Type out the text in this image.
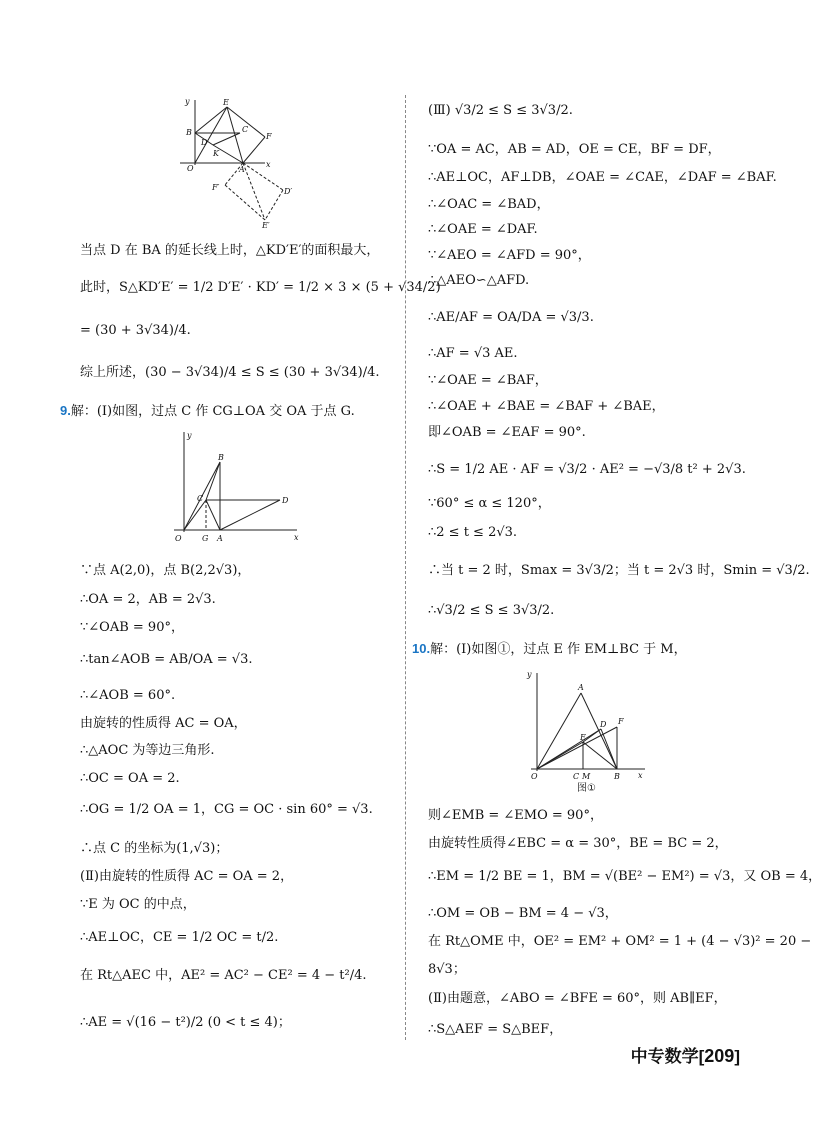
y	E
B	C
F
D
K
O	A
x
F′	D′
E′
当点 D 在 BA 的延长线上时，△KD′E′的面积最大，
此时，S△KD′E′ = 1/2 D′E′ · KD′ = 1/2 × 3 × (5 + √34/2)
= (30 + 3√34)/4.
综上所述，(30 − 3√34)/4 ≤ S ≤ (30 + 3√34)/4.
9.解：(Ⅰ)如图，过点 C 作 CG⊥OA 交 OA 于点 G.
y
B
C	D
O	G A	x
∵点 A(2,0)，点 B(2,2√3)，
∴OA = 2，AB = 2√3.
∵∠OAB = 90°，
∴tan∠AOB = AB/OA = √3.
∴∠AOB = 60°.
由旋转的性质得 AC = OA，
∴△AOC 为等边三角形.
∴OC = OA = 2.
∴OG = 1/2 OA = 1，CG = OC · sin 60° = √3.
∴点 C 的坐标为(1,√3)；
(Ⅱ)由旋转的性质得 AC = OA = 2，
∵E 为 OC 的中点，
∴AE⊥OC，CE = 1/2 OC = t/2.
在 Rt△AEC 中，AE² = AC² − CE² = 4 − t²/4.
∴AE = √(16 − t²)/2 (0 < t ≤ 4)；
(Ⅲ) √3/2 ≤ S ≤ 3√3/2.
∵OA = AC，AB = AD，OE = CE，BF = DF，
∴AE⊥OC，AF⊥DB，∠OAE = ∠CAE，∠DAF = ∠BAF.
∴∠OAC = ∠BAD，
∴∠OAE = ∠DAF.
∵∠AEO = ∠AFD = 90°，
∴△AEO∽△AFD.
∴AE/AF = OA/DA = √3/3.
∴AF = √3 AE.
∵∠OAE = ∠BAF，
∴∠OAE + ∠BAE = ∠BAF + ∠BAE，
即∠OAB = ∠EAF = 90°.
∴S = 1/2 AE · AF = √3/2 · AE² = −√3/8 t² + 2√3.
∵60° ≤ α ≤ 120°，
∴2 ≤ t ≤ 2√3.
∴当 t = 2 时，Smax = 3√3/2；当 t = 2√3 时，Smin = √3/2.
∴√3/2 ≤ S ≤ 3√3/2.
10.解：(Ⅰ)如图①，过点 E 作 EM⊥BC 于 M，
y
A
F
D
E
O	C M	B x
图①
则∠EMB = ∠EMO = 90°，
由旋转性质得∠EBC = α = 30°，BE = BC = 2，
∴EM = 1/2 BE = 1，BM = √(BE² − EM²) = √3，又 OB = 4，
∴OM = OB − BM = 4 − √3，
在 Rt△OME 中，OE² = EM² + OM² = 1 + (4 − √3)² = 20 −
8√3；
(Ⅱ)由题意，∠ABO = ∠BFE = 60°，则 AB∥EF，
∴S△AEF = S△BEF，
中专数学[209]
